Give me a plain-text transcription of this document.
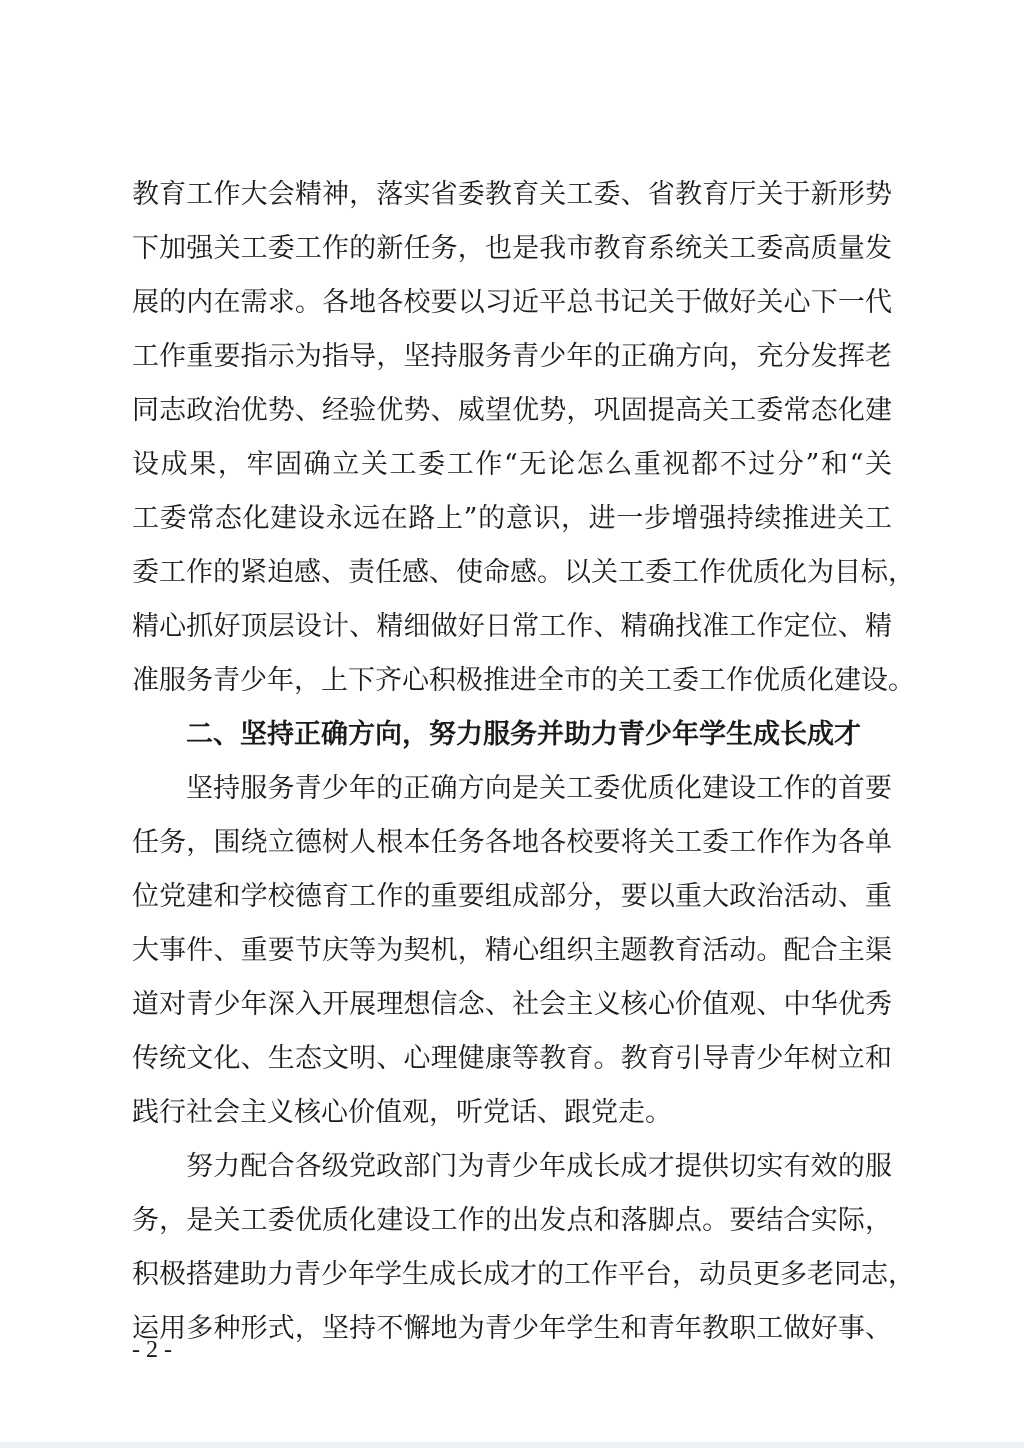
教育工作大会精神，落实省委教育关工委、省教育厅关于新形势
下加强关工委工作的新任务，也是我市教育系统关工委高质量发
展的内在需求。各地各校要以习近平总书记关于做好关心下一代
工作重要指示为指导，坚持服务青少年的正确方向，充分发挥老
同志政治优势、经验优势、威望优势，巩固提高关工委常态化建
设成果，牢固确立关工委工作“无论怎么重视都不过分”和“关
工委常态化建设永远在路上”的意识，进一步增强持续推进关工
委工作的紧迫感、责任感、使命感。以关工委工作优质化为目标，
精心抓好顶层设计、精细做好日常工作、精确找准工作定位、精
准服务青少年，上下齐心积极推进全市的关工委工作优质化建设。
二、坚持正确方向，努力服务并助力青少年学生成长成才
坚持服务青少年的正确方向是关工委优质化建设工作的首要
任务，围绕立德树人根本任务各地各校要将关工委工作作为各单
位党建和学校德育工作的重要组成部分，要以重大政治活动、重
大事件、重要节庆等为契机，精心组织主题教育活动。配合主渠
道对青少年深入开展理想信念、社会主义核心价值观、中华优秀
传统文化、生态文明、心理健康等教育。教育引导青少年树立和
践行社会主义核心价值观，听党话、跟党走。
努力配合各级党政部门为青少年成长成才提供切实有效的服
务，是关工委优质化建设工作的出发点和落脚点。要结合实际，
积极搭建助力青少年学生成长成才的工作平台，动员更多老同志，
运用多种形式，坚持不懈地为青少年学生和青年教职工做好事、
- 2 -
